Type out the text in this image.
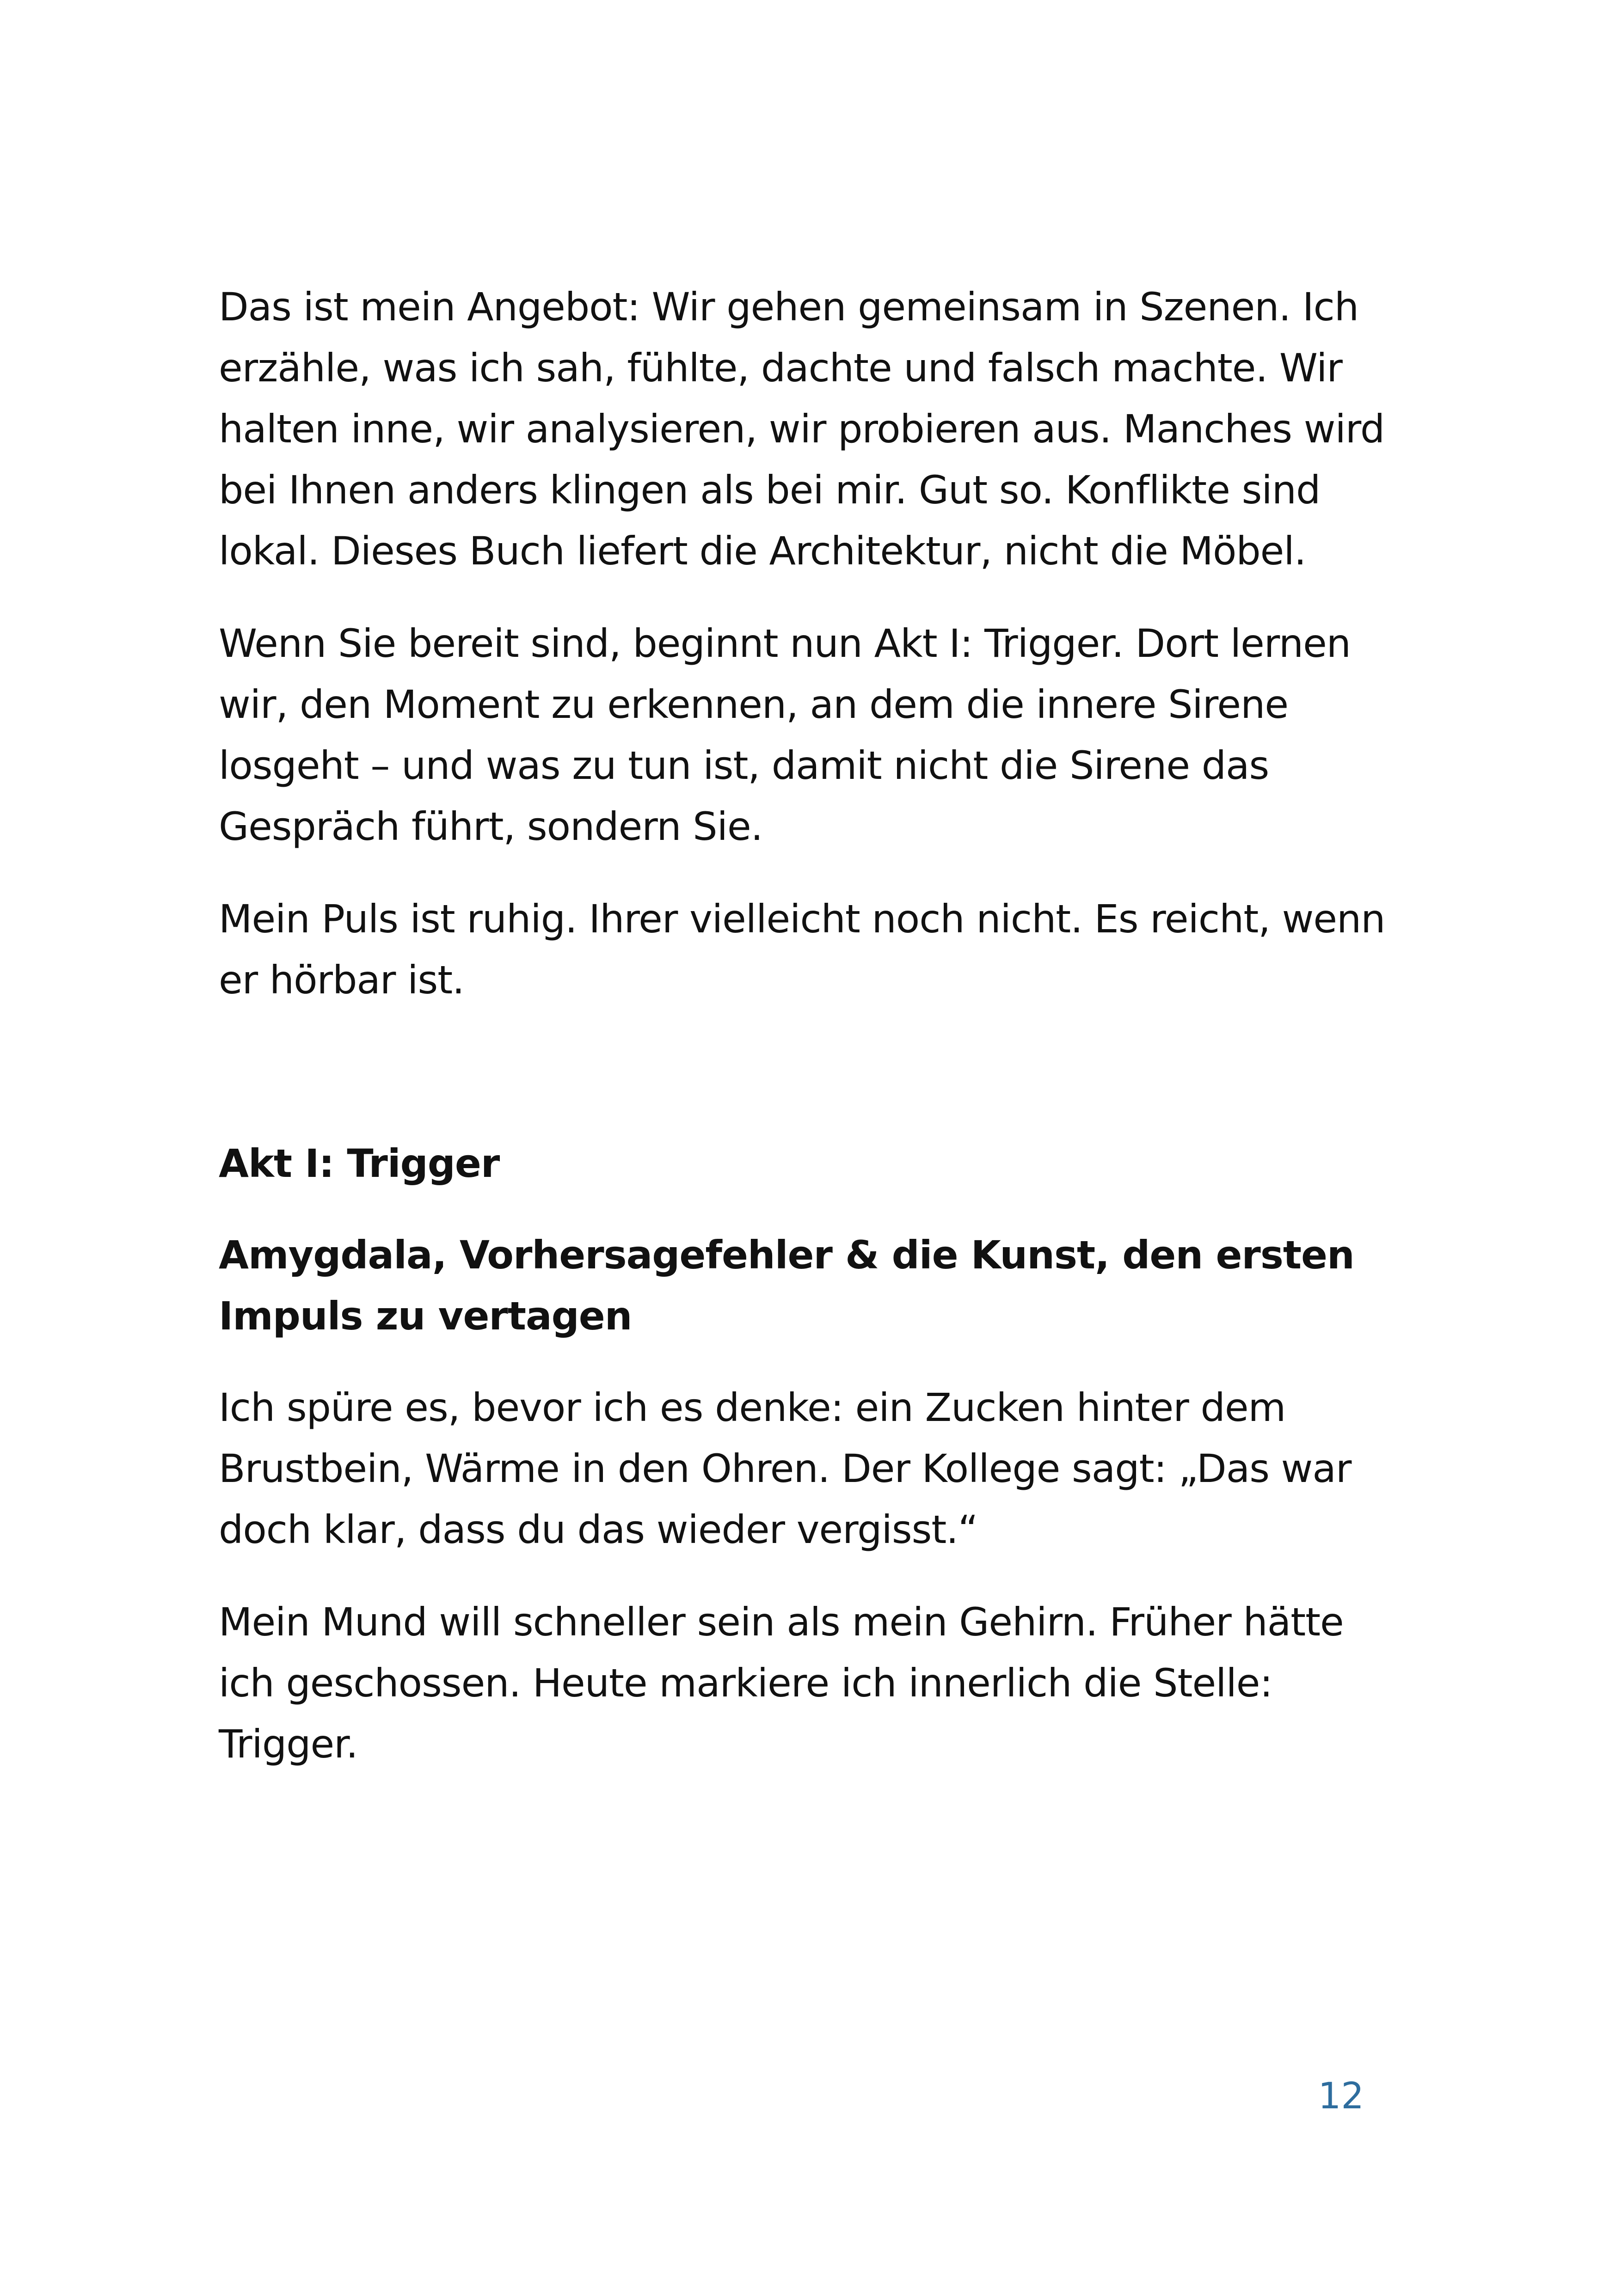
Das ist mein Angebot: Wir gehen gemeinsam in Szenen. Ich erzähle, was ich sah, fühlte, dachte und falsch machte. Wir halten inne, wir analysieren, wir probieren aus. Manches wird bei Ihnen anders klingen als bei mir. Gut so. Konflikte sind lokal. Dieses Buch liefert die Architektur, nicht die Möbel.

Wenn Sie bereit sind, beginnt nun Akt I: Trigger. Dort lernen wir, den Moment zu erkennen, an dem die innere Sirene losgeht – und was zu tun ist, damit nicht die Sirene das Gespräch führt, sondern Sie.

Mein Puls ist ruhig. Ihrer vielleicht noch nicht. Es reicht, wenn er hörbar ist.

Akt I: Trigger

Amygdala, Vorhersagefehler & die Kunst, den ersten Impuls zu vertagen

Ich spüre es, bevor ich es denke: ein Zucken hinter dem Brustbein, Wärme in den Ohren. Der Kollege sagt: „Das war doch klar, dass du das wieder vergisst.“

Mein Mund will schneller sein als mein Gehirn. Früher hätte ich geschossen. Heute markiere ich innerlich die Stelle: Trigger.

12
